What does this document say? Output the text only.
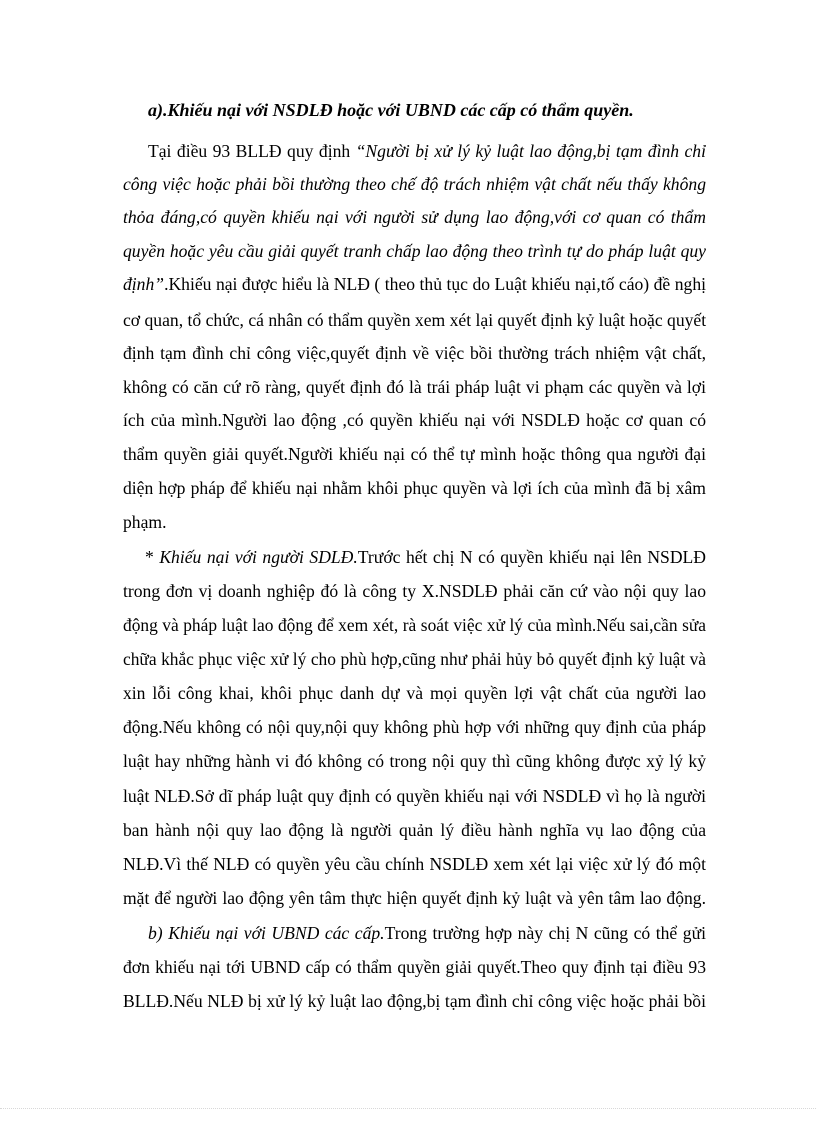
a).Khiếu nại với NSDLĐ hoặc với UBND các cấp có thẩm quyền.

Tại điều 93 BLLĐ quy định “Người bị xử lý kỷ luật lao động,bị tạm đình chỉ

công việc hoặc phải bồi thường theo chế độ trách nhiệm vật chất nếu thấy không

thỏa đáng,có quyền khiếu nại với người sử dụng lao động,với cơ quan có thẩm

quyền hoặc yêu cầu giải quyết tranh chấp lao động theo trình tự do pháp luật quy

định”.Khiếu nại được hiểu là NLĐ ( theo thủ tục do Luật khiếu nại,tố cáo) đề nghị

cơ quan, tổ chức, cá nhân có thẩm quyền xem xét lại quyết định kỷ luật hoặc quyết

định tạm đình chỉ công việc,quyết định về việc bồi thường trách nhiệm vật chất,

không có căn cứ rõ ràng, quyết định đó là trái pháp luật vi phạm các quyền và lợi

ích của mình.Người lao động ,có quyền khiếu nại với NSDLĐ hoặc cơ quan có

thẩm quyền giải quyết.Người khiếu nại có thể tự mình hoặc thông qua người đại

diện hợp pháp để khiếu nại nhằm khôi phục quyền và lợi ích của mình đã bị xâm

phạm.

* Khiếu nại với người SDLĐ.Trước hết chị N có quyền khiếu nại lên NSDLĐ

trong đơn vị doanh nghiệp đó là công ty X.NSDLĐ phải căn cứ vào nội quy lao

động và pháp luật lao động để xem xét, rà soát việc xử lý của mình.Nếu sai,cần sửa

chữa khắc phục việc xử lý cho phù hợp,cũng như phải hủy bỏ quyết định kỷ luật và

xin lỗi công khai, khôi phục danh dự và mọi quyền lợi vật chất của người lao

động.Nếu không có nội quy,nội quy không phù hợp với những quy định của pháp

luật hay những hành vi đó không có trong nội quy thì cũng không được xỷ lý kỷ

luật NLĐ.Sở dĩ pháp luật quy định có quyền khiếu nại với NSDLĐ vì họ là người

ban hành nội quy lao động là người quản lý điều hành nghĩa vụ lao động của

NLĐ.Vì thế NLĐ có quyền yêu cầu chính NSDLĐ xem xét lại việc xử lý đó một

mặt để người lao động yên tâm thực hiện quyết định kỷ luật và yên tâm lao động.

b) Khiếu nại với UBND các cấp.Trong trường hợp này chị N cũng có thể gửi

đơn khiếu nại tới UBND cấp có thẩm quyền giải quyết.Theo quy định tại điều 93

BLLĐ.Nếu NLĐ bị xử lý kỷ luật lao động,bị tạm đình chỉ công việc hoặc phải bồi
